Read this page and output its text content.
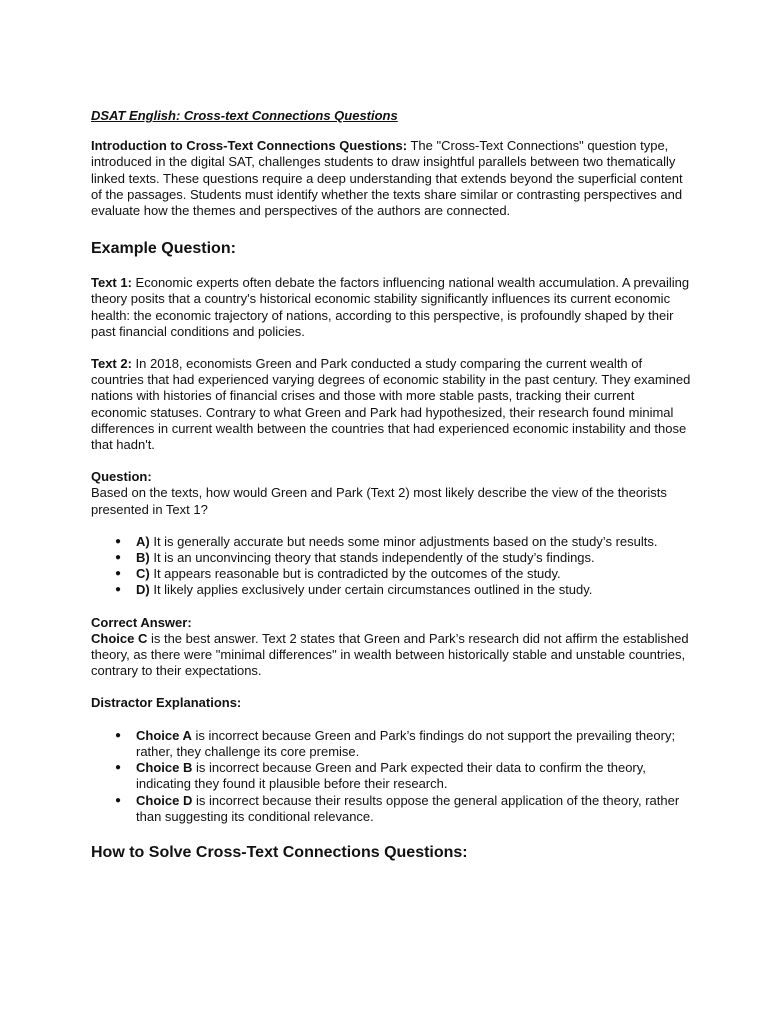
DSAT English: Cross-text Connections Questions

Introduction to Cross-Text Connections Questions: The "Cross-Text Connections" question type, introduced in the digital SAT, challenges students to draw insightful parallels between two thematically linked texts. These questions require a deep understanding that extends beyond the superficial content of the passages. Students must identify whether the texts share similar or contrasting perspectives and evaluate how the themes and perspectives of the authors are connected.

Example Question:

Text 1: Economic experts often debate the factors influencing national wealth accumulation. A prevailing theory posits that a country's historical economic stability significantly influences its current economic health: the economic trajectory of nations, according to this perspective, is profoundly shaped by their past financial conditions and policies.

Text 2: In 2018, economists Green and Park conducted a study comparing the current wealth of countries that had experienced varying degrees of economic stability in the past century. They examined nations with histories of financial crises and those with more stable pasts, tracking their current economic statuses. Contrary to what Green and Park had hypothesized, their research found minimal differences in current wealth between the countries that had experienced economic instability and those that hadn't.

Question:
Based on the texts, how would Green and Park (Text 2) most likely describe the view of the theorists presented in Text 1?
● A) It is generally accurate but needs some minor adjustments based on the study’s results.
● B) It is an unconvincing theory that stands independently of the study’s findings.
● C) It appears reasonable but is contradicted by the outcomes of the study.
● D) It likely applies exclusively under certain circumstances outlined in the study.
Correct Answer:
Choice C is the best answer. Text 2 states that Green and Park’s research did not affirm the established theory, as there were "minimal differences" in wealth between historically stable and unstable countries, contrary to their expectations.
Distractor Explanations:
● Choice A is incorrect because Green and Park’s findings do not support the prevailing theory; rather, they challenge its core premise.
● Choice B is incorrect because Green and Park expected their data to confirm the theory, indicating they found it plausible before their research.
● Choice D is incorrect because their results oppose the general application of the theory, rather than suggesting its conditional relevance.
How to Solve Cross-Text Connections Questions:
